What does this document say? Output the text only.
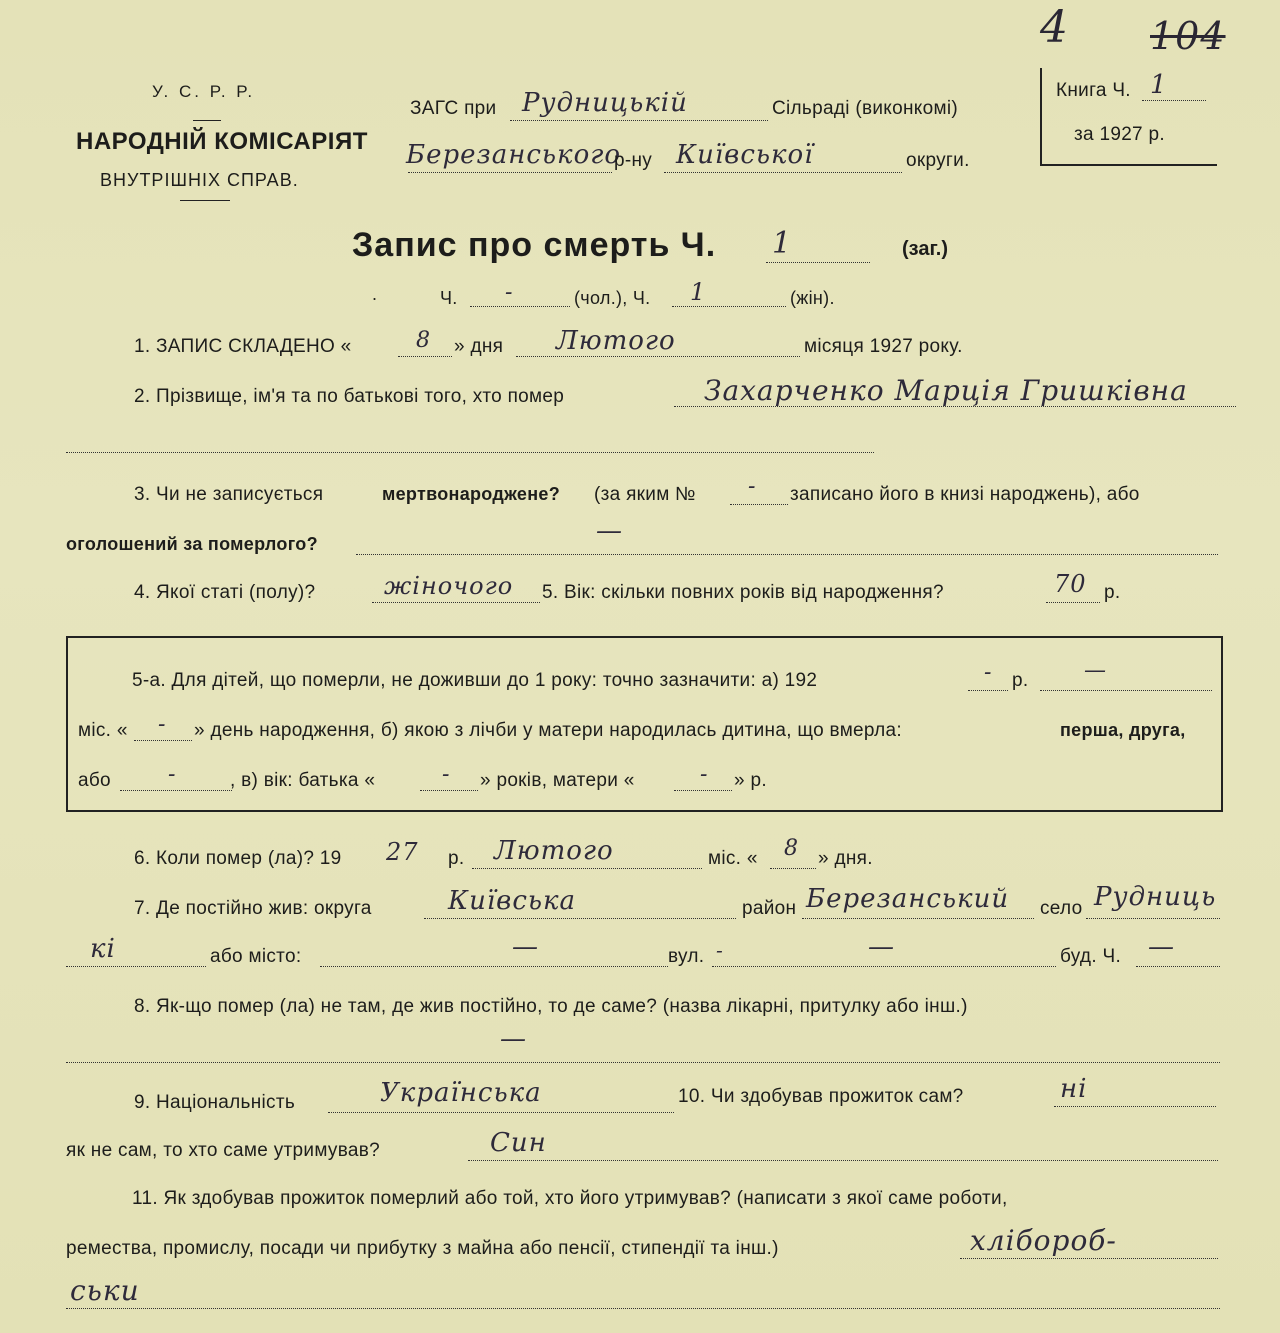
4 104
У. С. Р. Р.
НАРОДНІЙ КОМІСАРІЯТ
ВНУТРІШНІХ СПРАВ.
ЗАГС при Рудницькій	Сільраді (виконкомі)
Березанського
р-ну Київської	округи.
Книга Ч. 1
за 1927 р.
Запис про смерть Ч. 1	(заг.)
.	Ч. -	(чол.), Ч. 1	(жін).
1. ЗАПИС СКЛАДЕНО «	8 » дня Лютого	місяця 1927 року.
2. Прізвище, ім'я та по батькові того, хто помер	Захарченко Марція Гришківна
3. Чи не записується	мертвонароджене? (за яким № - записано його в книзі народжень), або
оголошений за померлого?	—
4. Якої статі (полу)?	жіночого 5. Вік: скільки повних років від народження?	70 р.
5-а. Для дітей, що померли, не доживши до 1 року: точно зазначити: а) 192	- р.	—
міс. « - » день народження, б) якою з лічби у матери народилась дитина, що вмерла:	перша, друга,
або	-	, в) вік: батька «	- » років, матери «	- » р.
6. Коли помер (ла)? 19 27 р. Лютого	міс. « 8 » дня.
7. Де постійно жив: округа	Київська	район Березанський село Рудниць
кі	або місто:	—	вул. -	—	буд. Ч. —
8. Як-що помер (ла) не там, де жив постійно, то де саме? (назва лікарні, притулку або інш.)
—
9. Національність	Українська	10. Чи здобував прожиток сам?	ні
як не сам, то хто саме утримував?	Син
11. Як здобував прожиток померлий або той, хто його утримував? (написати з якої саме роботи,
ремества, промислу, посади чи прибутку з майна або пенсії, стипендії та інш.)	хлібороб-
ськи
